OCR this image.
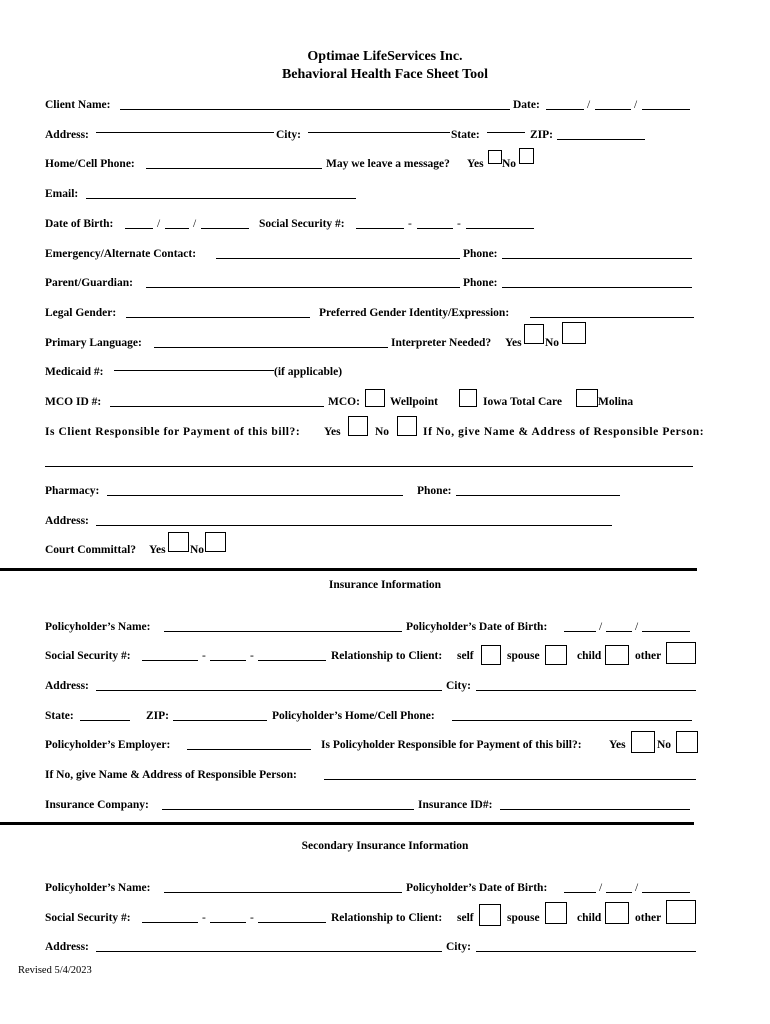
Optimae LifeServices Inc.
Behavioral Health Face Sheet Tool
Client Name:	Date:	/	/
Address:	City:	State:	ZIP:
Home/Cell Phone:	May we leave a message? Yes No
Email:
Date of Birth:	/	/	Social Security #:	-	-
Emergency/Alternate Contact:	Phone:
Parent/Guardian:	Phone:
Legal Gender:	Preferred Gender Identity/Expression:
Primary Language:	Interpreter Needed? Yes No
Medicaid #:	(if applicable)
MCO ID #:	MCO:	Wellpoint	Iowa Total Care	Molina
Is Client Responsible for Payment of this bill?: Yes	No	If No, give Name & Address of Responsible Person:
Pharmacy:	Phone:
Address:
Court Committal? Yes No
Insurance Information
Policyholder’s Name:	Policyholder’s Date of Birth:	/	/
Social Security #:	-	-	Relationship to Client: self	spouse	child	other
Address:	City:
State:	ZIP:	Policyholder’s Home/Cell Phone:
Policyholder’s Employer:	Is Policyholder Responsible for Payment of this bill?: Yes	No
If No, give Name & Address of Responsible Person:
Insurance Company:	Insurance ID#:
Secondary Insurance Information
Policyholder’s Name:	Policyholder’s Date of Birth:	/	/
Social Security #:	-	-	Relationship to Client: self	spouse	child	other
Address:	City:
Revised 5/4/2023
